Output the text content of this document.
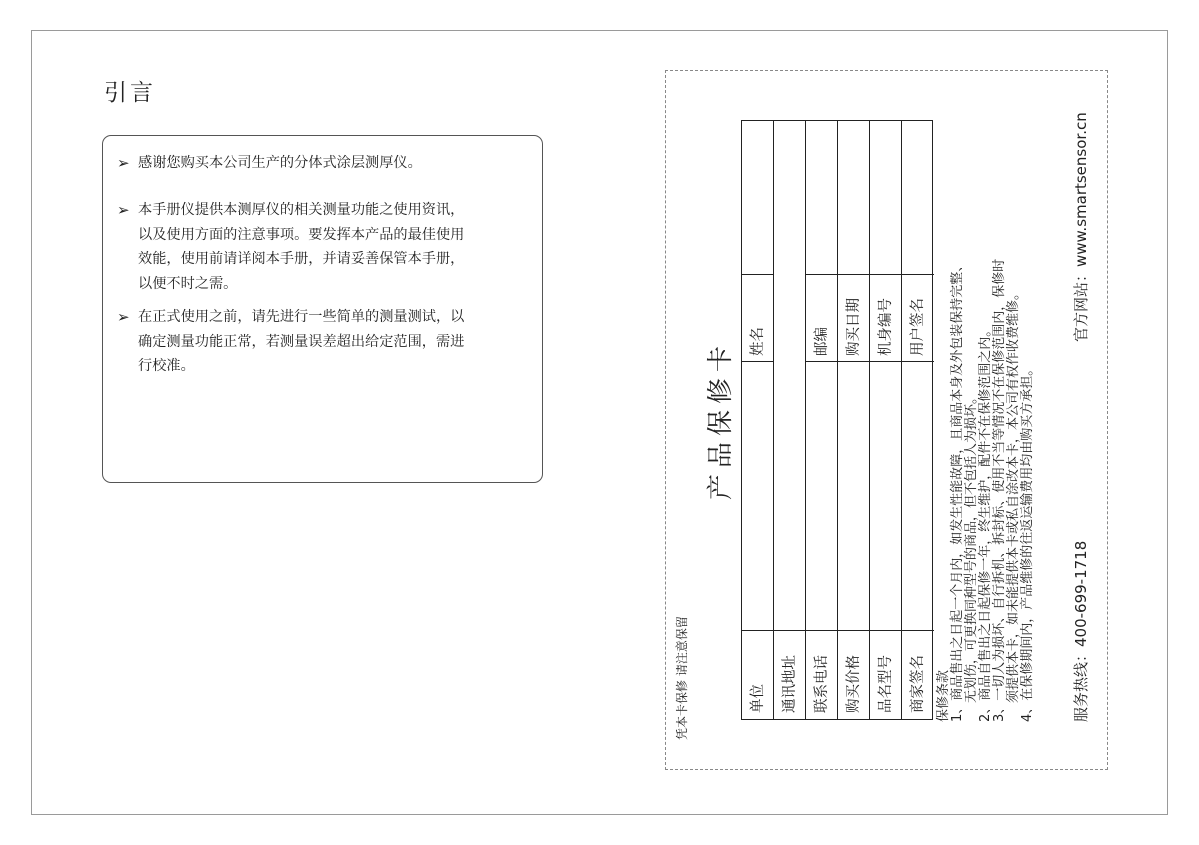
引言
➢ 感谢您购买本公司生产的分体式涂层测厚仪。
➢ 本手册仪提供本测厚仪的相关测量功能之使用资讯，
以及使用方面的注意事项。要发挥本产品的最佳使用
效能，使用前请详阅本手册，并请妥善保管本手册，
以便不时之需。
➢ 在正式使用之前，请先进行一些简单的测量测试，以
确定测量功能正常，若测量误差超出给定范围，需进
行校准。
凭本卡保修 请注意保留
产品保修卡
单位
姓名
通讯地址	联系电话
邮编
购买价格
购买日期
品名型号
机身编号
商家签名
用户签名
保修条款 1、商品售出之日起一个月内，如发生性能故障，且商品本身及外包装保持完整、 无划伤，可更换同种型号的商品，但不包括人为损坏。 2、商品自售出之日起保修一年，终生维护，配件不在保修范围之内。 3、一切人为损坏、自行拆机、拆封标、使用不当等情况不在保修范围内，保修时 须提供本卡，如未能提供本卡或私自涂改本卡，本公司有权作收费维修。 4、在保修期间内，产品维修的往返运输费用均由购买方承担。 服务热线：400-699-1718
官方网站：www.smartsensor.cn
